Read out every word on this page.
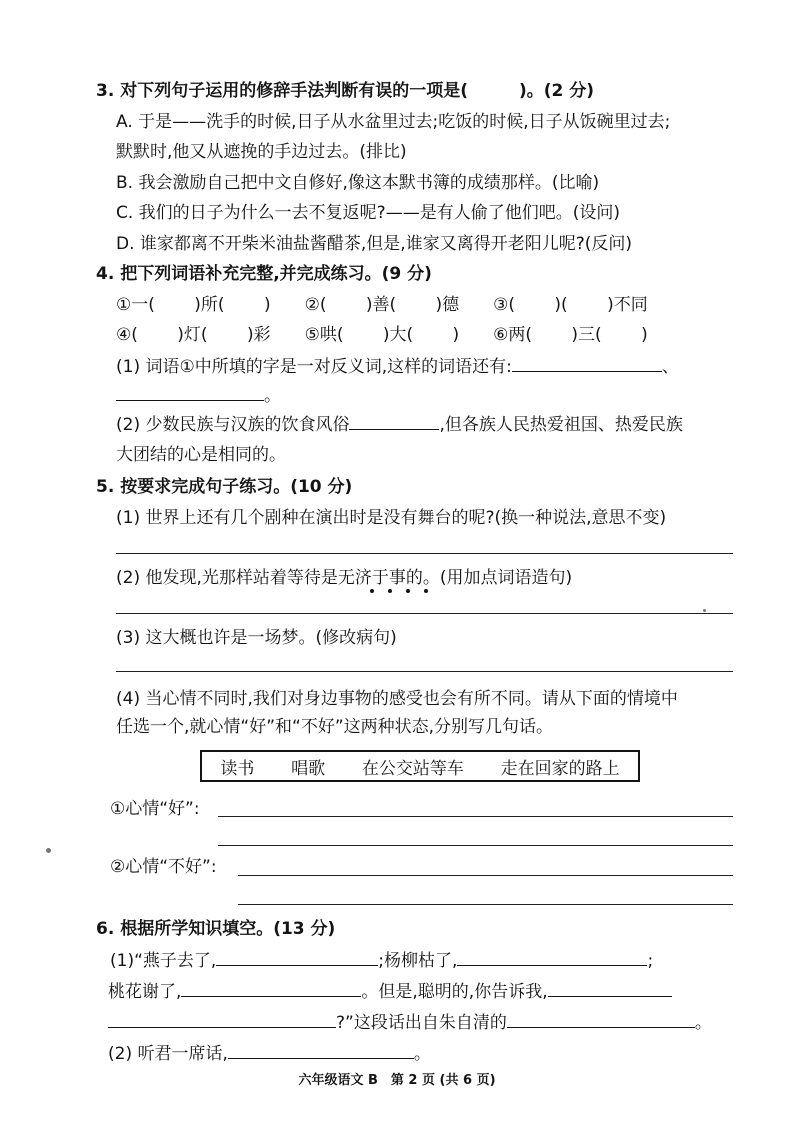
3. 对下列句子运用的修辞手法判断有误的一项是(　　　)。(2 分)
A. 于是——洗手的时候,日子从水盆里过去;吃饭的时候,日子从饭碗里过去;
默默时,他又从遮挽的手边过去。(排比)
B. 我会激励自己把中文自修好,像这本默书簿的成绩那样。(比喻)
C. 我们的日子为什么一去不复返呢?——是有人偷了他们吧。(设问)
D. 谁家都离不开柴米油盐酱醋茶,但是,谁家又离得开老阳儿呢?(反问)
4. 把下列词语补充完整,并完成练习。(9 分)
①一(　　 )所(　　 )　　②(　　 )善(　　 )德　　③(　　 )(　　 )不同
④(　　 )灯(　　 )彩　　⑤哄(　　 )大(　　 )　　⑥两(　　 )三(　　 )
(1) 词语①中所填的字是一对反义词,这样的词语还有:	、
。
(2) 少数民族与汉族的饮食风俗	,但各族人民热爱祖国、热爱民族
大团结的心是相同的。
5. 按要求完成句子练习。(10 分)
(1) 世界上还有几个剧种在演出时是没有舞台的呢?(换一种说法,意思不变)
(2) 他发现,光那样站着等待是无济于事的。(用加点词语造句)
(3) 这大概也许是一场梦。(修改病句)
(4) 当心情不同时,我们对身边事物的感受也会有所不同。请从下面的情境中
任选一个,就心情“好”和“不好”这两种状态,分别写几句话。
读书 唱歌 在公交站等车 走在回家的路上
①心情“好”:
②心情“不好”:
6. 根据所学知识填空。(13 分)
(1)“燕子去了,	;杨柳枯了,	;
桃花谢了,	。但是,聪明的,你告诉我,
?”这段话出自朱自清的	。
(2) 听君一席话,	。
六年级语文 B　第 2 页 (共 6 页)
